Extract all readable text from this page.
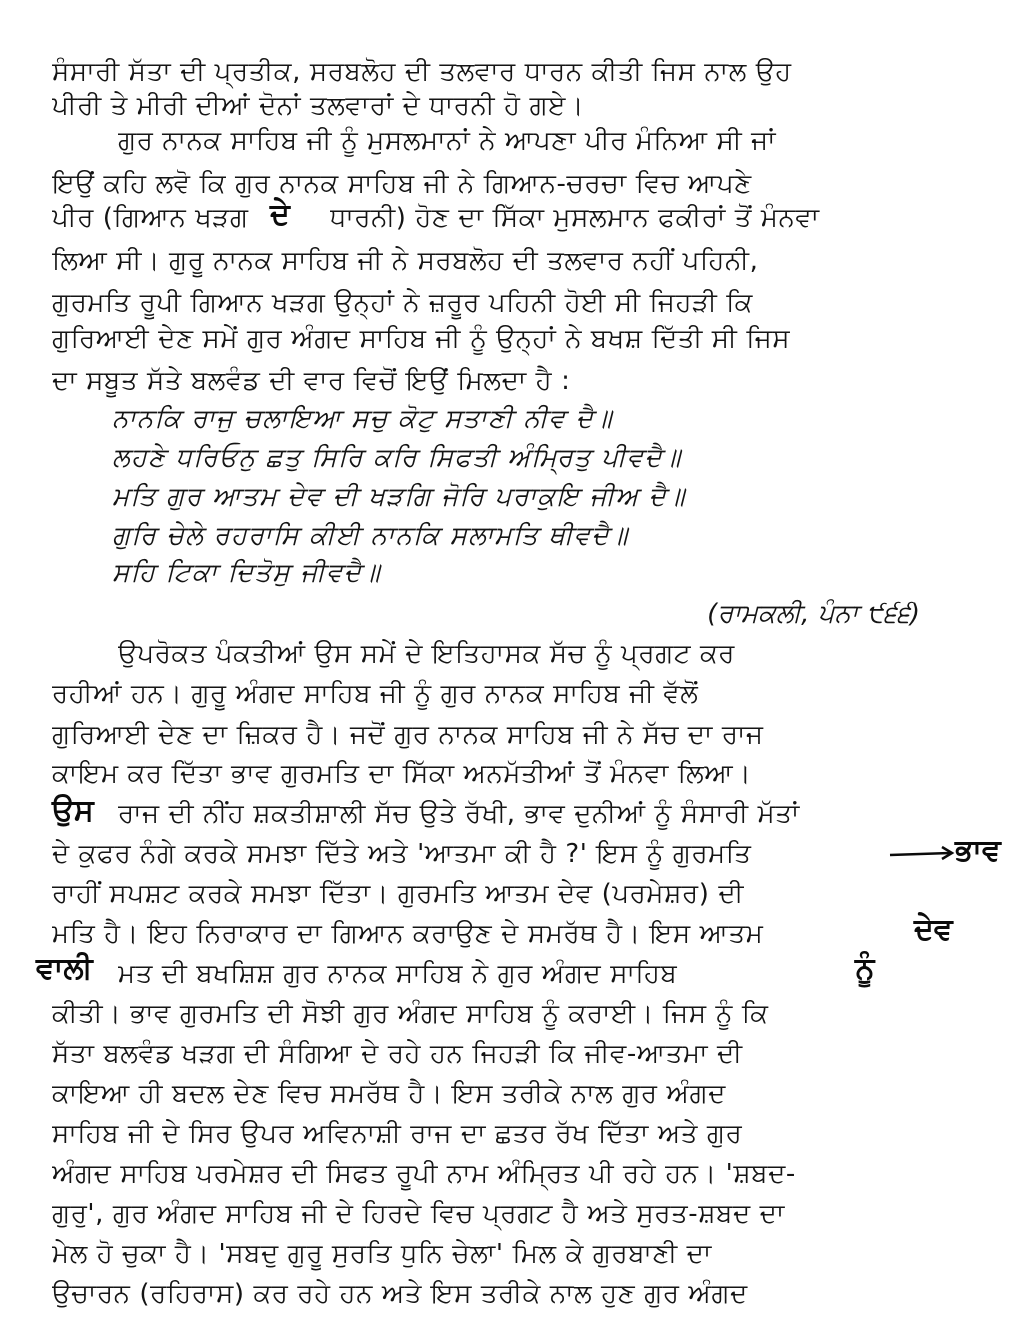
ਸੰਸਾਰੀ ਸੱਤਾ ਦੀ ਪ੍ਰਤੀਕ, ਸਰਬਲੋਹ ਦੀ ਤਲਵਾਰ ਧਾਰਨ ਕੀਤੀ ਜਿਸ ਨਾਲ ਉਹ
ਪੀਰੀ ਤੇ ਮੀਰੀ ਦੀਆਂ ਦੋਨਾਂ ਤਲਵਾਰਾਂ ਦੇ ਧਾਰਨੀ ਹੋ ਗਏ।
ਗੁਰ ਨਾਨਕ ਸਾਹਿਬ ਜੀ ਨੂੰ ਮੁਸਲਮਾਨਾਂ ਨੇ ਆਪਣਾ ਪੀਰ ਮੰਨਿਆ ਸੀ ਜਾਂ
ਇਉਂ ਕਹਿ ਲਵੋ ਕਿ ਗੁਰ ਨਾਨਕ ਸਾਹਿਬ ਜੀ ਨੇ ਗਿਆਨ-ਚਰਚਾ ਵਿਚ ਆਪਣੇ
ਪੀਰ (ਗਿਆਨ ਖੜਗ ਦੇ ਧਾਰਨੀ) ਹੋਣ ਦਾ ਸਿੱਕਾ ਮੁਸਲਮਾਨ ਫਕੀਰਾਂ ਤੋਂ ਮੰਨਵਾ
ਲਿਆ ਸੀ। ਗੁਰੂ ਨਾਨਕ ਸਾਹਿਬ ਜੀ ਨੇ ਸਰਬਲੋਹ ਦੀ ਤਲਵਾਰ ਨਹੀਂ ਪਹਿਨੀ,
ਗੁਰਮਤਿ ਰੂਪੀ ਗਿਆਨ ਖੜਗ ਉਨ੍ਹਾਂ ਨੇ ਜ਼ਰੂਰ ਪਹਿਨੀ ਹੋਈ ਸੀ ਜਿਹੜੀ ਕਿ
ਗੁਰਿਆਈ ਦੇਣ ਸਮੇਂ ਗੁਰ ਅੰਗਦ ਸਾਹਿਬ ਜੀ ਨੂੰ ਉਨ੍ਹਾਂ ਨੇ ਬਖਸ਼ ਦਿੱਤੀ ਸੀ ਜਿਸ
ਦਾ ਸਬੂਤ ਸੱਤੇ ਬਲਵੰਡ ਦੀ ਵਾਰ ਵਿਚੋਂ ਇਉਂ ਮਿਲਦਾ ਹੈ :
ਨਾਨਕਿ ਰਾਜੁ ਚਲਾਇਆ ਸਚੁ ਕੋਟੁ ਸਤਾਣੀ ਨੀਵ ਦੈ॥
ਲਹਣੇ ਧਰਿਓਨੁ ਛਤੁ ਸਿਰਿ ਕਰਿ ਸਿਫਤੀ ਅੰਮ੍ਰਿਤੁ ਪੀਵਦੈ॥
ਮਤਿ ਗੁਰ ਆਤਮ ਦੇਵ ਦੀ ਖੜਗਿ ਜੋਰਿ ਪਰਾਕੁਇ ਜੀਅ ਦੈ॥
ਗੁਰਿ ਚੇਲੇ ਰਹਰਾਸਿ ਕੀਈ ਨਾਨਕਿ ਸਲਾਮਤਿ ਥੀਵਦੈ॥
ਸਹਿ ਟਿਕਾ ਦਿਤੋਸੁ ਜੀਵਦੈ॥
(ਰਾਮਕਲੀ, ਪੰਨਾ ੯੬੬)
ਉਪਰੋਕਤ ਪੰਕਤੀਆਂ ਉਸ ਸਮੇਂ ਦੇ ਇਤਿਹਾਸਕ ਸੱਚ ਨੂੰ ਪ੍ਰਗਟ ਕਰ
ਰਹੀਆਂ ਹਨ। ਗੁਰੂ ਅੰਗਦ ਸਾਹਿਬ ਜੀ ਨੂੰ ਗੁਰ ਨਾਨਕ ਸਾਹਿਬ ਜੀ ਵੱਲੋਂ
ਗੁਰਿਆਈ ਦੇਣ ਦਾ ਜ਼ਿਕਰ ਹੈ। ਜਦੋਂ ਗੁਰ ਨਾਨਕ ਸਾਹਿਬ ਜੀ ਨੇ ਸੱਚ ਦਾ ਰਾਜ
ਕਾਇਮ ਕਰ ਦਿੱਤਾ ਭਾਵ ਗੁਰਮਤਿ ਦਾ ਸਿੱਕਾ ਅਨਮੱਤੀਆਂ ਤੋਂ ਮੰਨਵਾ ਲਿਆ।
ਉਸ ਰਾਜ ਦੀ ਨੀਂਹ ਸ਼ਕਤੀਸ਼ਾਲੀ ਸੱਚ ਉਤੇ ਰੱਖੀ, ਭਾਵ ਦੁਨੀਆਂ ਨੂੰ ਸੰਸਾਰੀ ਮੱਤਾਂ
ਦੇ ਕੁਫਰ ਨੰਗੇ ਕਰਕੇ ਸਮਝਾ ਦਿੱਤੇ ਅਤੇ 'ਆਤਮਾ ਕੀ ਹੈ ?' ਇਸ ਨੂੰ ਗੁਰਮਤਿ	ਭਾਵ
ਰਾਹੀਂ ਸਪਸ਼ਟ ਕਰਕੇ ਸਮਝਾ ਦਿੱਤਾ। ਗੁਰਮਤਿ ਆਤਮ ਦੇਵ (ਪਰਮੇਸ਼ਰ) ਦੀ
ਮਤਿ ਹੈ। ਇਹ ਨਿਰਾਕਾਰ ਦਾ ਗਿਆਨ ਕਰਾਉਣ ਦੇ ਸਮਰੱਥ ਹੈ। ਇਸ ਆਤਮ	ਦੇਵ
ਵਾਲੀ ਮਤ ਦੀ ਬਖਸ਼ਿਸ਼ ਗੁਰ ਨਾਨਕ ਸਾਹਿਬ ਨੇ ਗੁਰ ਅੰਗਦ ਸਾਹਿਬ	ਨੂੰ
ਕੀਤੀ। ਭਾਵ ਗੁਰਮਤਿ ਦੀ ਸੋਝੀ ਗੁਰ ਅੰਗਦ ਸਾਹਿਬ ਨੂੰ ਕਰਾਈ। ਜਿਸ ਨੂੰ ਕਿ
ਸੱਤਾ ਬਲਵੰਡ ਖੜਗ ਦੀ ਸੰਗਿਆ ਦੇ ਰਹੇ ਹਨ ਜਿਹੜੀ ਕਿ ਜੀਵ-ਆਤਮਾ ਦੀ
ਕਾਇਆ ਹੀ ਬਦਲ ਦੇਣ ਵਿਚ ਸਮਰੱਥ ਹੈ। ਇਸ ਤਰੀਕੇ ਨਾਲ ਗੁਰ ਅੰਗਦ
ਸਾਹਿਬ ਜੀ ਦੇ ਸਿਰ ਉਪਰ ਅਵਿਨਾਸ਼ੀ ਰਾਜ ਦਾ ਛਤਰ ਰੱਖ ਦਿੱਤਾ ਅਤੇ ਗੁਰ
ਅੰਗਦ ਸਾਹਿਬ ਪਰਮੇਸ਼ਰ ਦੀ ਸਿਫਤ ਰੂਪੀ ਨਾਮ ਅੰਮ੍ਰਿਤ ਪੀ ਰਹੇ ਹਨ। 'ਸ਼ਬਦ-
ਗੁਰੁ', ਗੁਰ ਅੰਗਦ ਸਾਹਿਬ ਜੀ ਦੇ ਹਿਰਦੇ ਵਿਚ ਪ੍ਰਗਟ ਹੈ ਅਤੇ ਸੁਰਤ-ਸ਼ਬਦ ਦਾ
ਮੇਲ ਹੋ ਚੁਕਾ ਹੈ। 'ਸਬਦੁ ਗੁਰੂ ਸੁਰਤਿ ਧੁਨਿ ਚੇਲਾ' ਮਿਲ ਕੇ ਗੁਰਬਾਣੀ ਦਾ
ਉਚਾਰਨ (ਰਹਿਰਾਸ) ਕਰ ਰਹੇ ਹਨ ਅਤੇ ਇਸ ਤਰੀਕੇ ਨਾਲ ਹੁਣ ਗੁਰ ਅੰਗਦ
